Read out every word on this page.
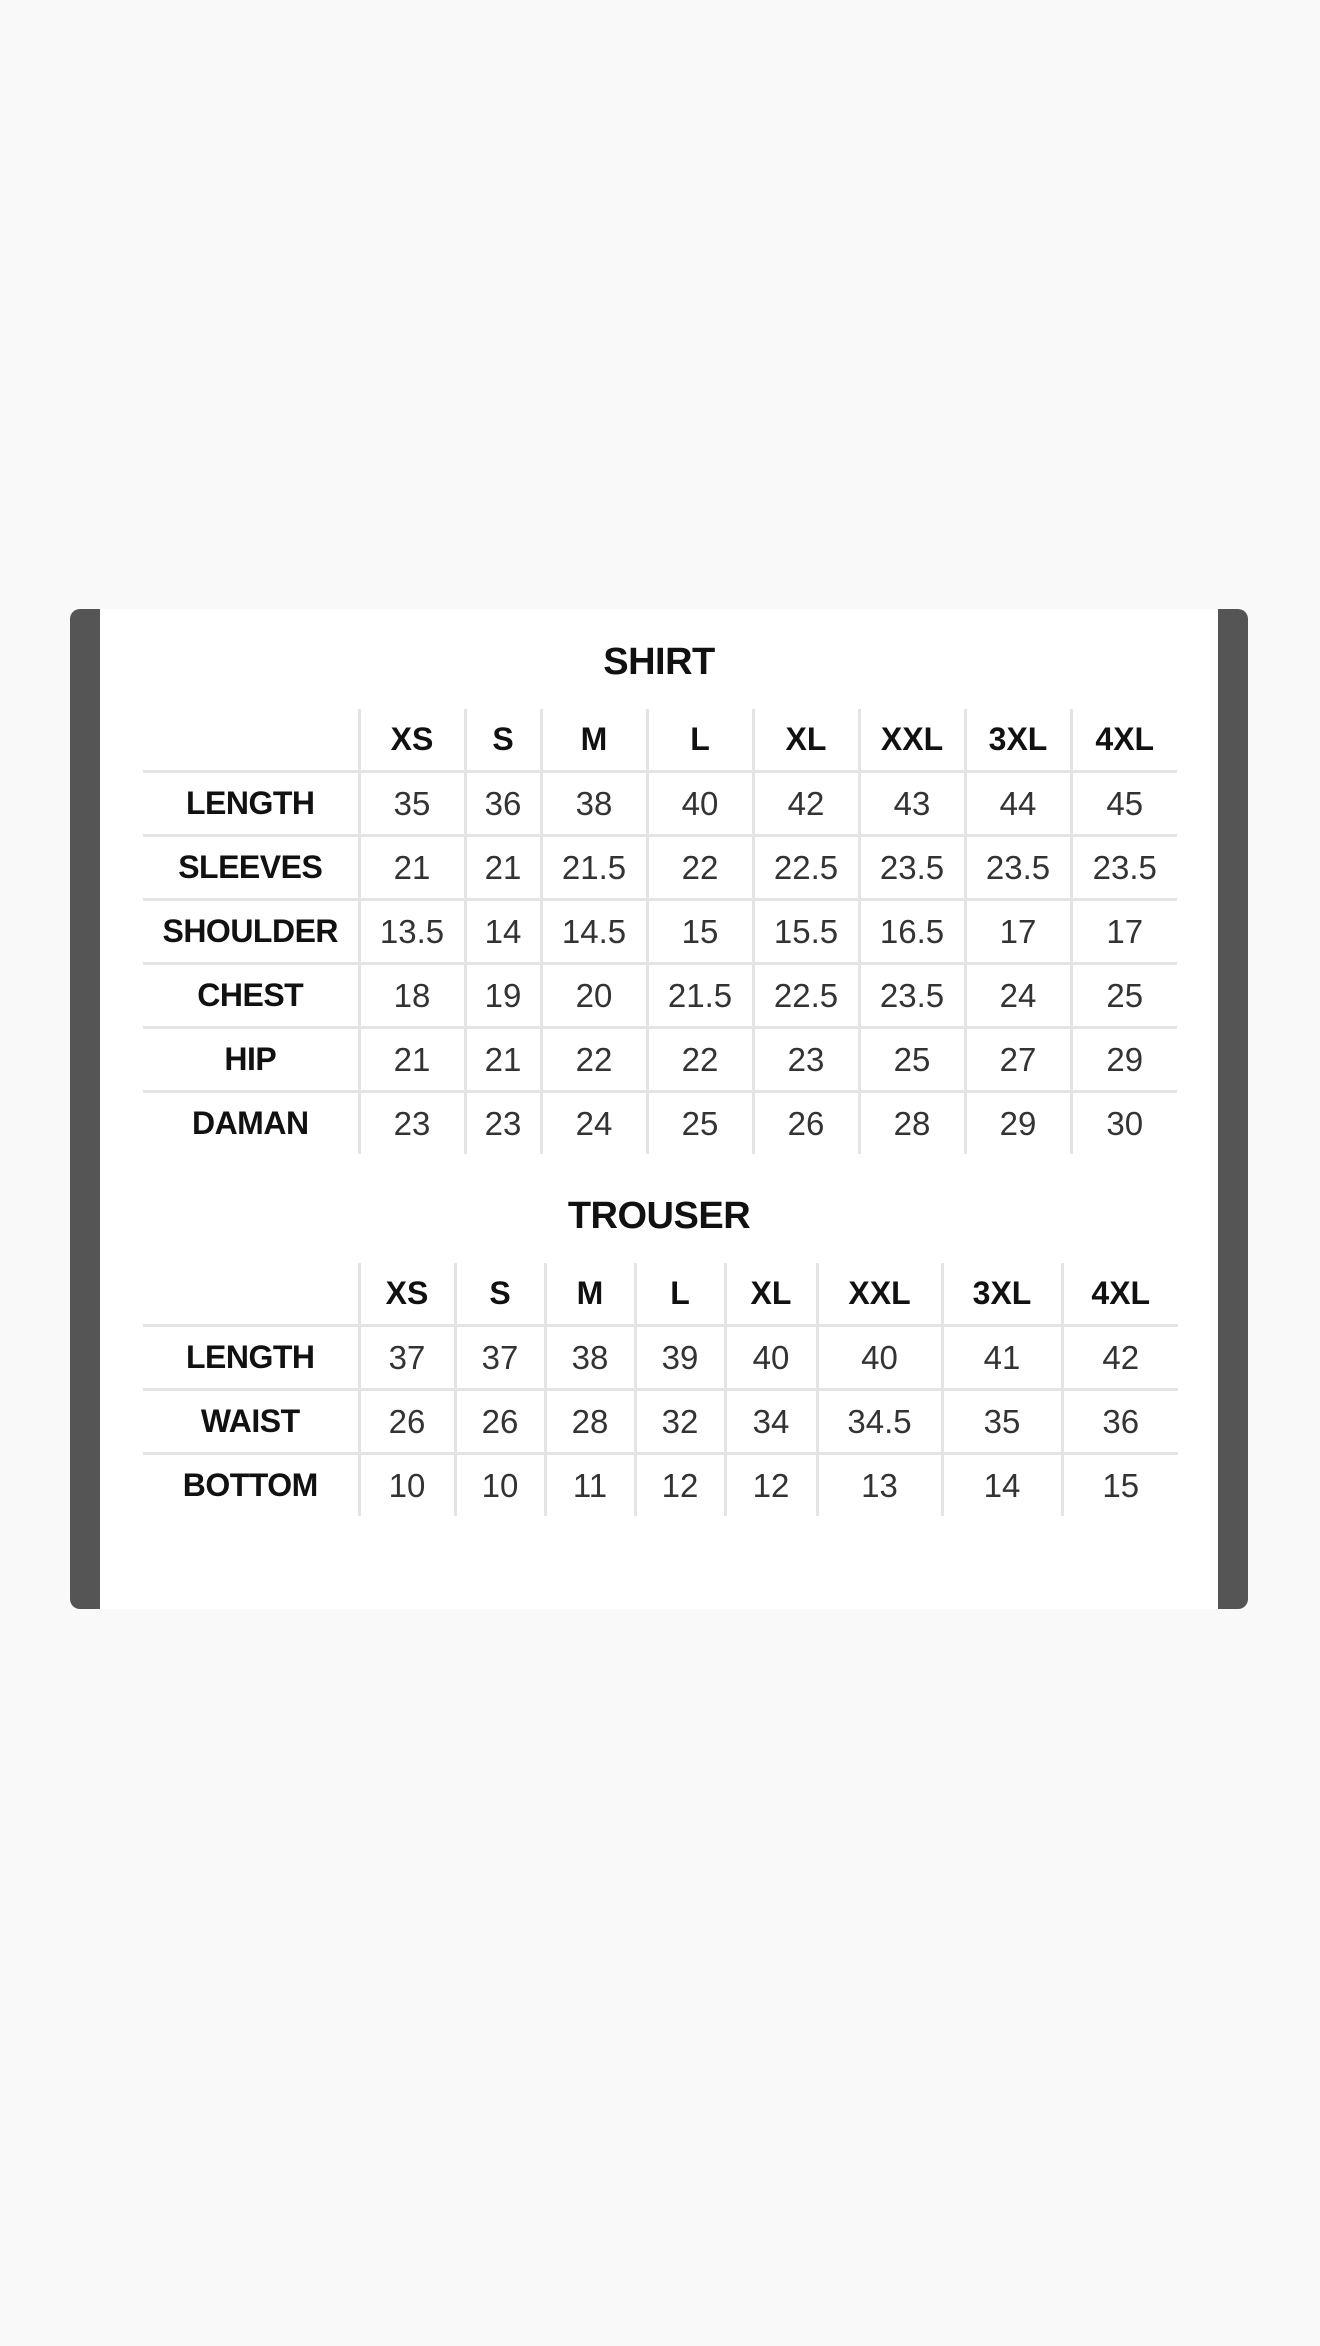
SHIRT
	XS	S	M	L	XL	XXL	3XL	4XL
LENGTH	35	36	38	40	42	43	44	45
SLEEVES	21	21	21.5	22	22.5	23.5	23.5	23.5
SHOULDER	13.5	14	14.5	15	15.5	16.5	17	17
CHEST	18	19	20	21.5	22.5	23.5	24	25
HIP	21	21	22	22	23	25	27	29
DAMAN	23	23	24	25	26	28	29	30
TROUSER
	XS	S	M	L	XL	XXL	3XL	4XL
LENGTH	37	37	38	39	40	40	41	42
WAIST	26	26	28	32	34	34.5	35	36
BOTTOM	10	10	11	12	12	13	14	15
